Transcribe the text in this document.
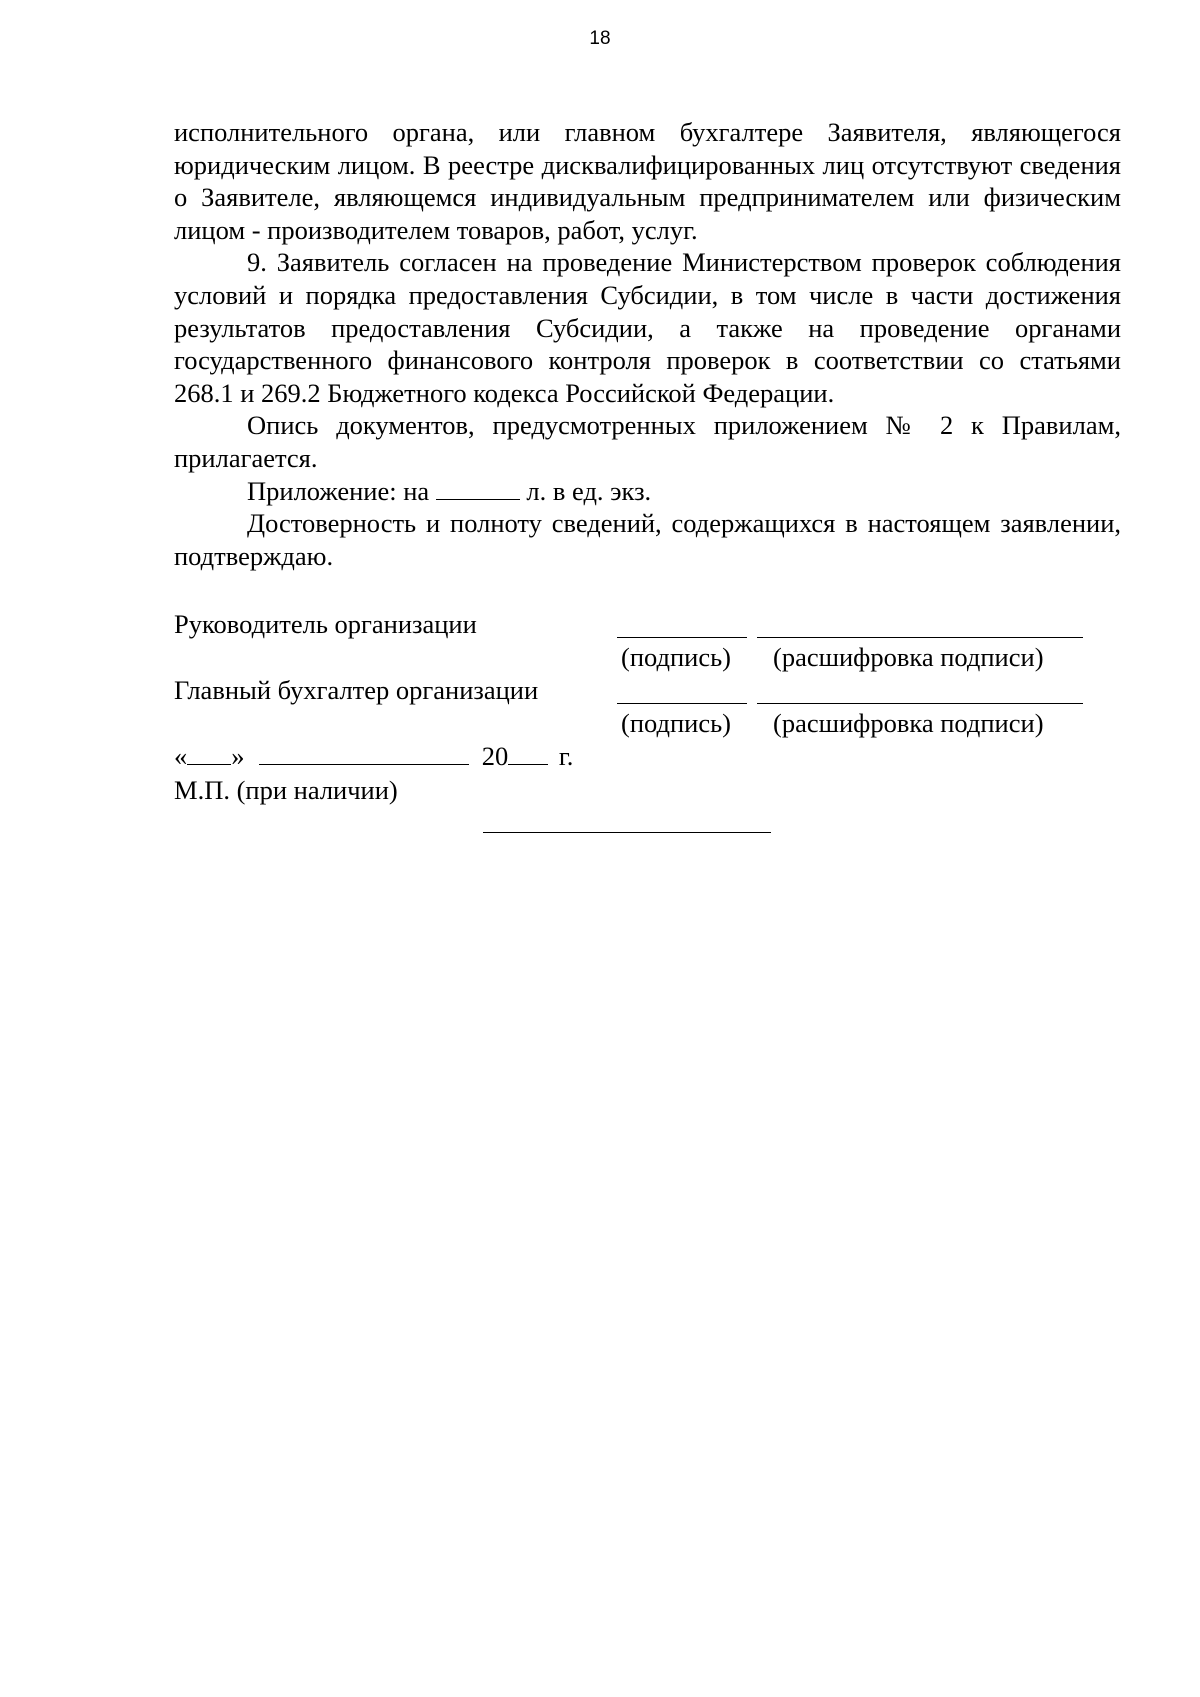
18

исполнительного органа, или главном бухгалтере Заявителя, являющегося юридическим лицом. В реестре дисквалифицированных лиц отсутствуют сведения о Заявителе, являющемся индивидуальным предпринимателем или физическим лицом - производителем товаров, работ, услуг.

9. Заявитель согласен на проведение Министерством проверок соблюдения условий и порядка предоставления Субсидии, в том числе в части достижения результатов предоставления Субсидии, а также на проведение органами государственного финансового контроля проверок в соответствии со статьями 268.1 и 269.2 Бюджетного кодекса Российской Федерации.

Опись документов, предусмотренных приложением № 2 к Правилам, прилагается.

Приложение: на	л. в ед. экз.

Достоверность и полноту сведений, содержащихся в настоящем заявлении, подтверждаю.

Руководитель организации
(подпись) (расшифровка подписи)
Главный бухгалтер организации
(подпись) (расшифровка подписи)
« »	20 г.
М.П. (при наличии)
